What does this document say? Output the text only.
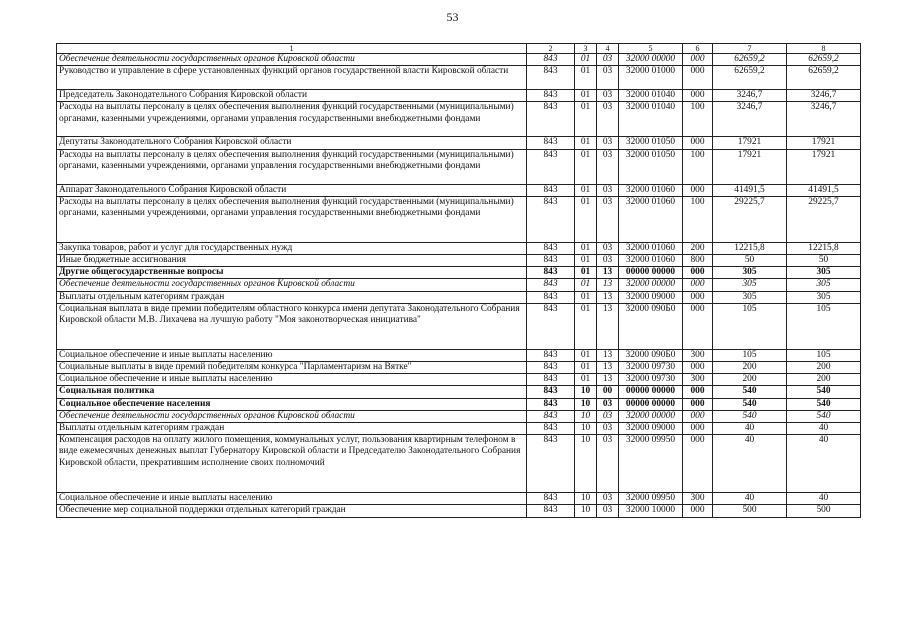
53
1	2	3	4	5	6	7	8
Обеспечение деятельности государственных органов Кировской области	843	01	03	32000 00000	000	62659,2	62659,2
Руководство и управление в сфере установленных функций органов государственной власти Кировской области	843	01	03	32000 01000	000	62659,2	62659,2
Председатель Законодательного Собрания Кировской области	843	01	03	32000 01040	000	3246,7	3246,7
Расходы на выплаты персоналу в целях обеспечения выполнения функций государственными (муниципальными) органами, казенными учреждениями, органами управления государственными внебюджетными фондами	843	01	03	32000 01040	100	3246,7	3246,7
Депутаты Законодательного Собрания Кировской области	843	01	03	32000 01050	000	17921	17921
Расходы на выплаты персоналу в целях обеспечения выполнения функций государственными (муниципальными) органами, казенными учреждениями, органами управления государственными внебюджетными фондами	843	01	03	32000 01050	100	17921	17921
Аппарат Законодательного Собрания Кировской области	843	01	03	32000 01060	000	41491,5	41491,5
Расходы на выплаты персоналу в целях обеспечения выполнения функций государственными (муниципальными) органами, казенными учреждениями, органами управления государственными внебюджетными фондами	843	01	03	32000 01060	100	29225,7	29225,7
Закупка товаров, работ и услуг для государственных нужд	843	01	03	32000 01060	200	12215,8	12215,8
Иные бюджетные ассигнования	843	01	03	32000 01060	800	50	50
Другие общегосударственные вопросы	843	01	13	00000 00000	000	305	305
Обеспечение деятельности государственных органов Кировской области	843	01	13	32000 00000	000	305	305
Выплаты отдельным категориям граждан	843	01	13	32000 09000	000	305	305
Социальная выплата в виде премии победителям областного конкурса имени депутата Законодательного Собрания Кировской области М.В. Лихачева на лучшую работу "Моя законотворческая инициатива"	843	01	13	32000 090Б0	000	105	105
Социальное обеспечение и иные выплаты населению	843	01	13	32000 090Б0	300	105	105
Социальные выплаты в виде премий победителям конкурса "Парламентаризм на Вятке"	843	01	13	32000 09730	000	200	200
Социальное обеспечение и иные выплаты населению	843	01	13	32000 09730	300	200	200
Социальная политика	843	10	00	00000 00000	000	540	540
Социальное обеспечение населения	843	10	03	00000 00000	000	540	540
Обеспечение деятельности государственных органов Кировской области	843	10	03	32000 00000	000	540	540
Выплаты отдельным категориям граждан	843	10	03	32000 09000	000	40	40
Компенсация расходов на оплату жилого помещения, коммунальных услуг, пользования квартирным телефоном в виде ежемесячных денежных выплат Губернатору Кировской области и Председателю Законодательного Собрания Кировской области, прекратившим исполнение своих полномочий	843	10	03	32000 09950	000	40	40
Социальное обеспечение и иные выплаты населению	843	10	03	32000 09950	300	40	40
Обеспечение мер социальной поддержки отдельных категорий граждан	843	10	03	32000 10000	000	500	500
